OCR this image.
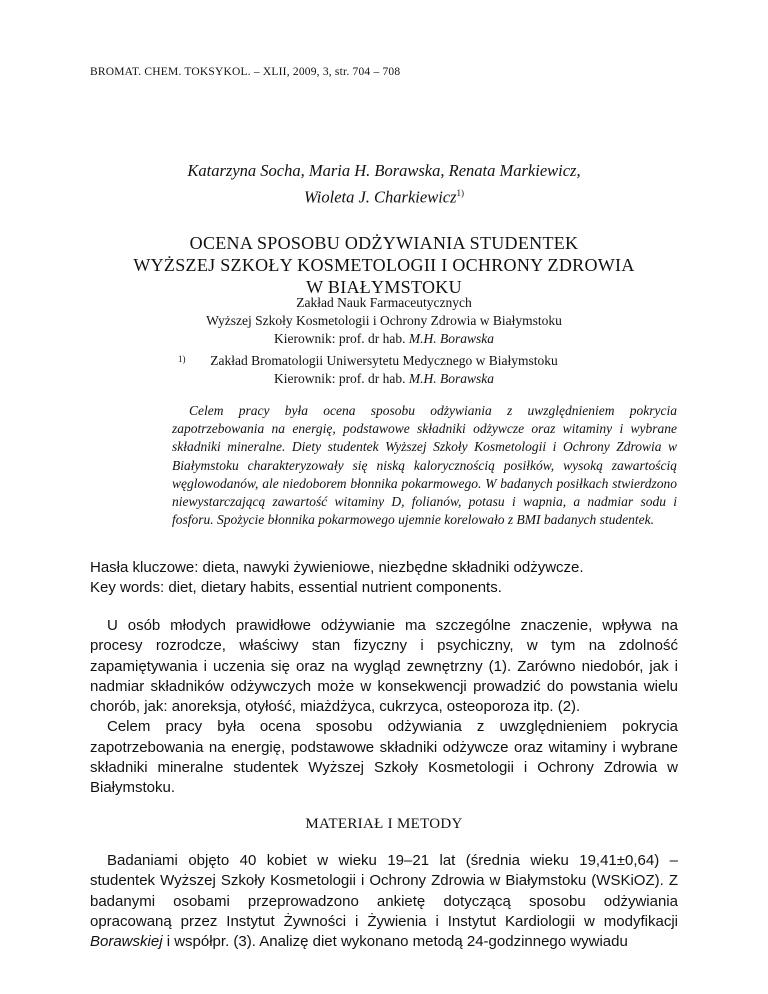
BROMAT. CHEM. TOKSYKOL. – XLII, 2009, 3, str. 704 – 708
Katarzyna Socha, Maria H. Borawska, Renata Markiewicz,
Wioleta J. Charkiewicz$^{1)}$
OCENA SPOSOBU ODŻYWIANIA STUDENTEK
WYŻSZEJ SZKOŁY KOSMETOLOGII I OCHRONY ZDROWIA
W BIAŁYMSTOKU
Zakład Nauk Farmaceutycznych
Wyższej Szkoły Kosmetologii i Ochrony Zdrowia w Białymstoku
Kierownik: prof. dr hab. M.H. Borawska
1)	Zakład Bromatologii Uniwersytetu Medycznego w Białymstoku
Kierownik: prof. dr hab. M.H. Borawska
Celem pracy była ocena sposobu odżywiania z uwzględnieniem pokrycia zapotrzebowania na energię, podstawowe składniki odżywcze oraz witaminy i wybrane składniki mineralne. Diety studentek Wyższej Szkoły Kosmetologii i Ochrony Zdrowia w Białymstoku charakteryzowały się niską kalorycznością posiłków, wysoką zawartością węglowodanów, ale niedoborem błonnika pokarmowego. W badanych posiłkach stwierdzono niewystarczającą zawartość witaminy D, folianów, potasu i wapnia, a nadmiar sodu i fosforu. Spożycie błonnika pokarmowego ujemnie korelowało z BMI badanych studentek.
Hasła kluczowe: dieta, nawyki żywieniowe, niezbędne składniki odżywcze.
Key words: diet, dietary habits, essential nutrient components.

U osób młodych prawidłowe odżywianie ma szczególne znaczenie, wpływa na procesy rozrodcze, właściwy stan fizyczny i psychiczny, w tym na zdolność zapamiętywania i uczenia się oraz na wygląd zewnętrzny (1). Zarówno niedobór, jak i nadmiar składników odżywczych może w konsekwencji prowadzić do powstania wielu chorób, jak: anoreksja, otyłość, miażdżyca, cukrzyca, osteoporoza itp. (2).

Celem pracy była ocena sposobu odżywiania z uwzględnieniem pokrycia zapotrzebowania na energię, podstawowe składniki odżywcze oraz witaminy i wybrane składniki mineralne studentek Wyższej Szkoły Kosmetologii i Ochrony Zdrowia w Białymstoku.

MATERIAŁ I METODY

Badaniami objęto 40 kobiet w wieku 19–21 lat (średnia wieku 19,41±0,64) – studentek Wyższej Szkoły Kosmetologii i Ochrony Zdrowia w Białymstoku (WSKiOZ). Z badanymi osobami przeprowadzono ankietę dotyczącą sposobu odżywiania opracowaną przez Instytut Żywności i Żywienia i Instytut Kardiologii w modyfikacji Borawskiej i współpr. (3). Analizę diet wykonano metodą 24-godzinnego wywiadu
